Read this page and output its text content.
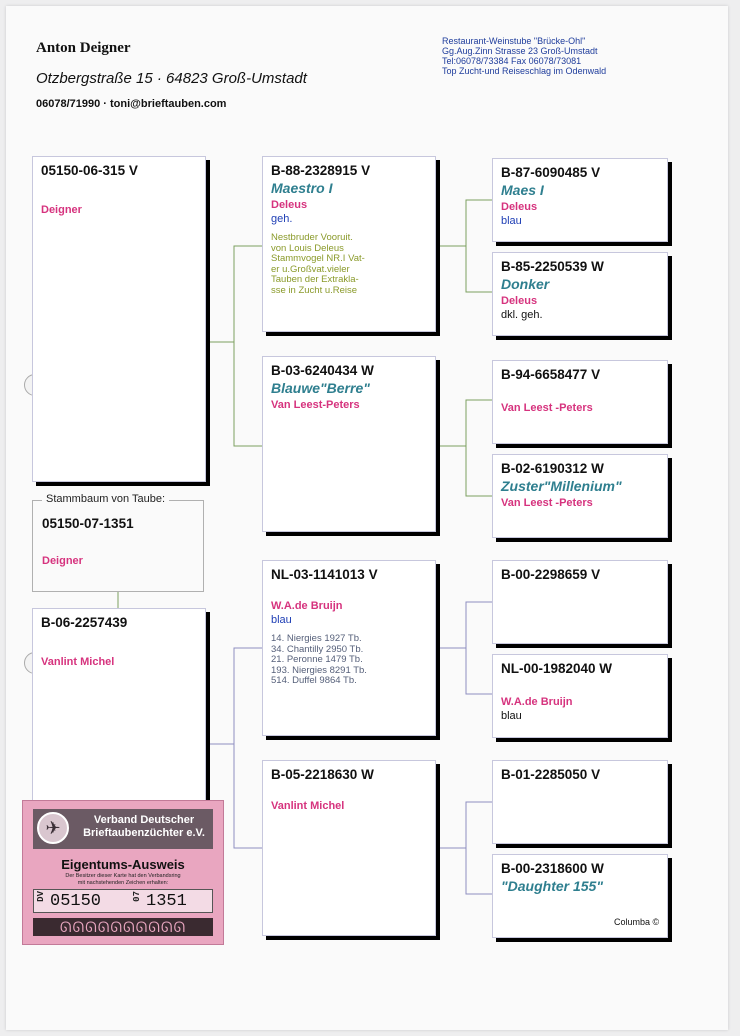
Anton Deigner
Otzbergstraße 15 · 64823 Groß-Umstadt
06078/71990 · toni@brieftauben.com
Restaurant-Weinstube "Brücke-Ohl"
Gg.Aug.Zinn Strasse 23 Groß-Umstadt
Tel:06078/73384 Fax 06078/73081
Top Zucht-und Reiseschlag im Odenwald
05150-06-315 V
Deigner
Stammbaum von Taube:
05150-07-1351
Deigner
B-06-2257439
Vanlint Michel
B-88-2328915 V
Maestro I
Deleus
geh.
Nestbruder Vooruit.
von Louis Deleus
Stammvogel NR.I Vat-
er u.Großvat.vieler
Tauben der Extrakla-
sse in Zucht u.Reise
B-03-6240434 W
Blauwe"Berre"
Van Leest-Peters
NL-03-1141013 V
W.A.de Bruijn
blau
14. Niergies 1927 Tb.
34. Chantilly 2950 Tb.
21. Peronne 1479 Tb.
193. Niergies 8291 Tb.
514. Duffel 9864 Tb.
B-05-2218630 W
Vanlint Michel
B-87-6090485 V
Maes I
Deleus
blau
B-85-2250539 W
Donker
Deleus
dkl. geh.
B-94-6658477 V
Van Leest -Peters
B-02-6190312 W
Zuster"Millenium"
Van Leest -Peters
B-00-2298659 V
NL-00-1982040 W
W.A.de Bruijn
blau
B-01-2285050 V
B-00-2318600 W
"Daughter 155"
✈	Verband Deutscher Brieftaubenzüchter e.V.
Eigentums-Ausweis
Der Besitzer dieser Karte hat den Verbandsring
mit nachstehenden Zeichen erhalten:
DV 05150	07 1351
ᘏᘏᘏᘏᘏᘏᘏᘏᘏᘏ	Columba ©
